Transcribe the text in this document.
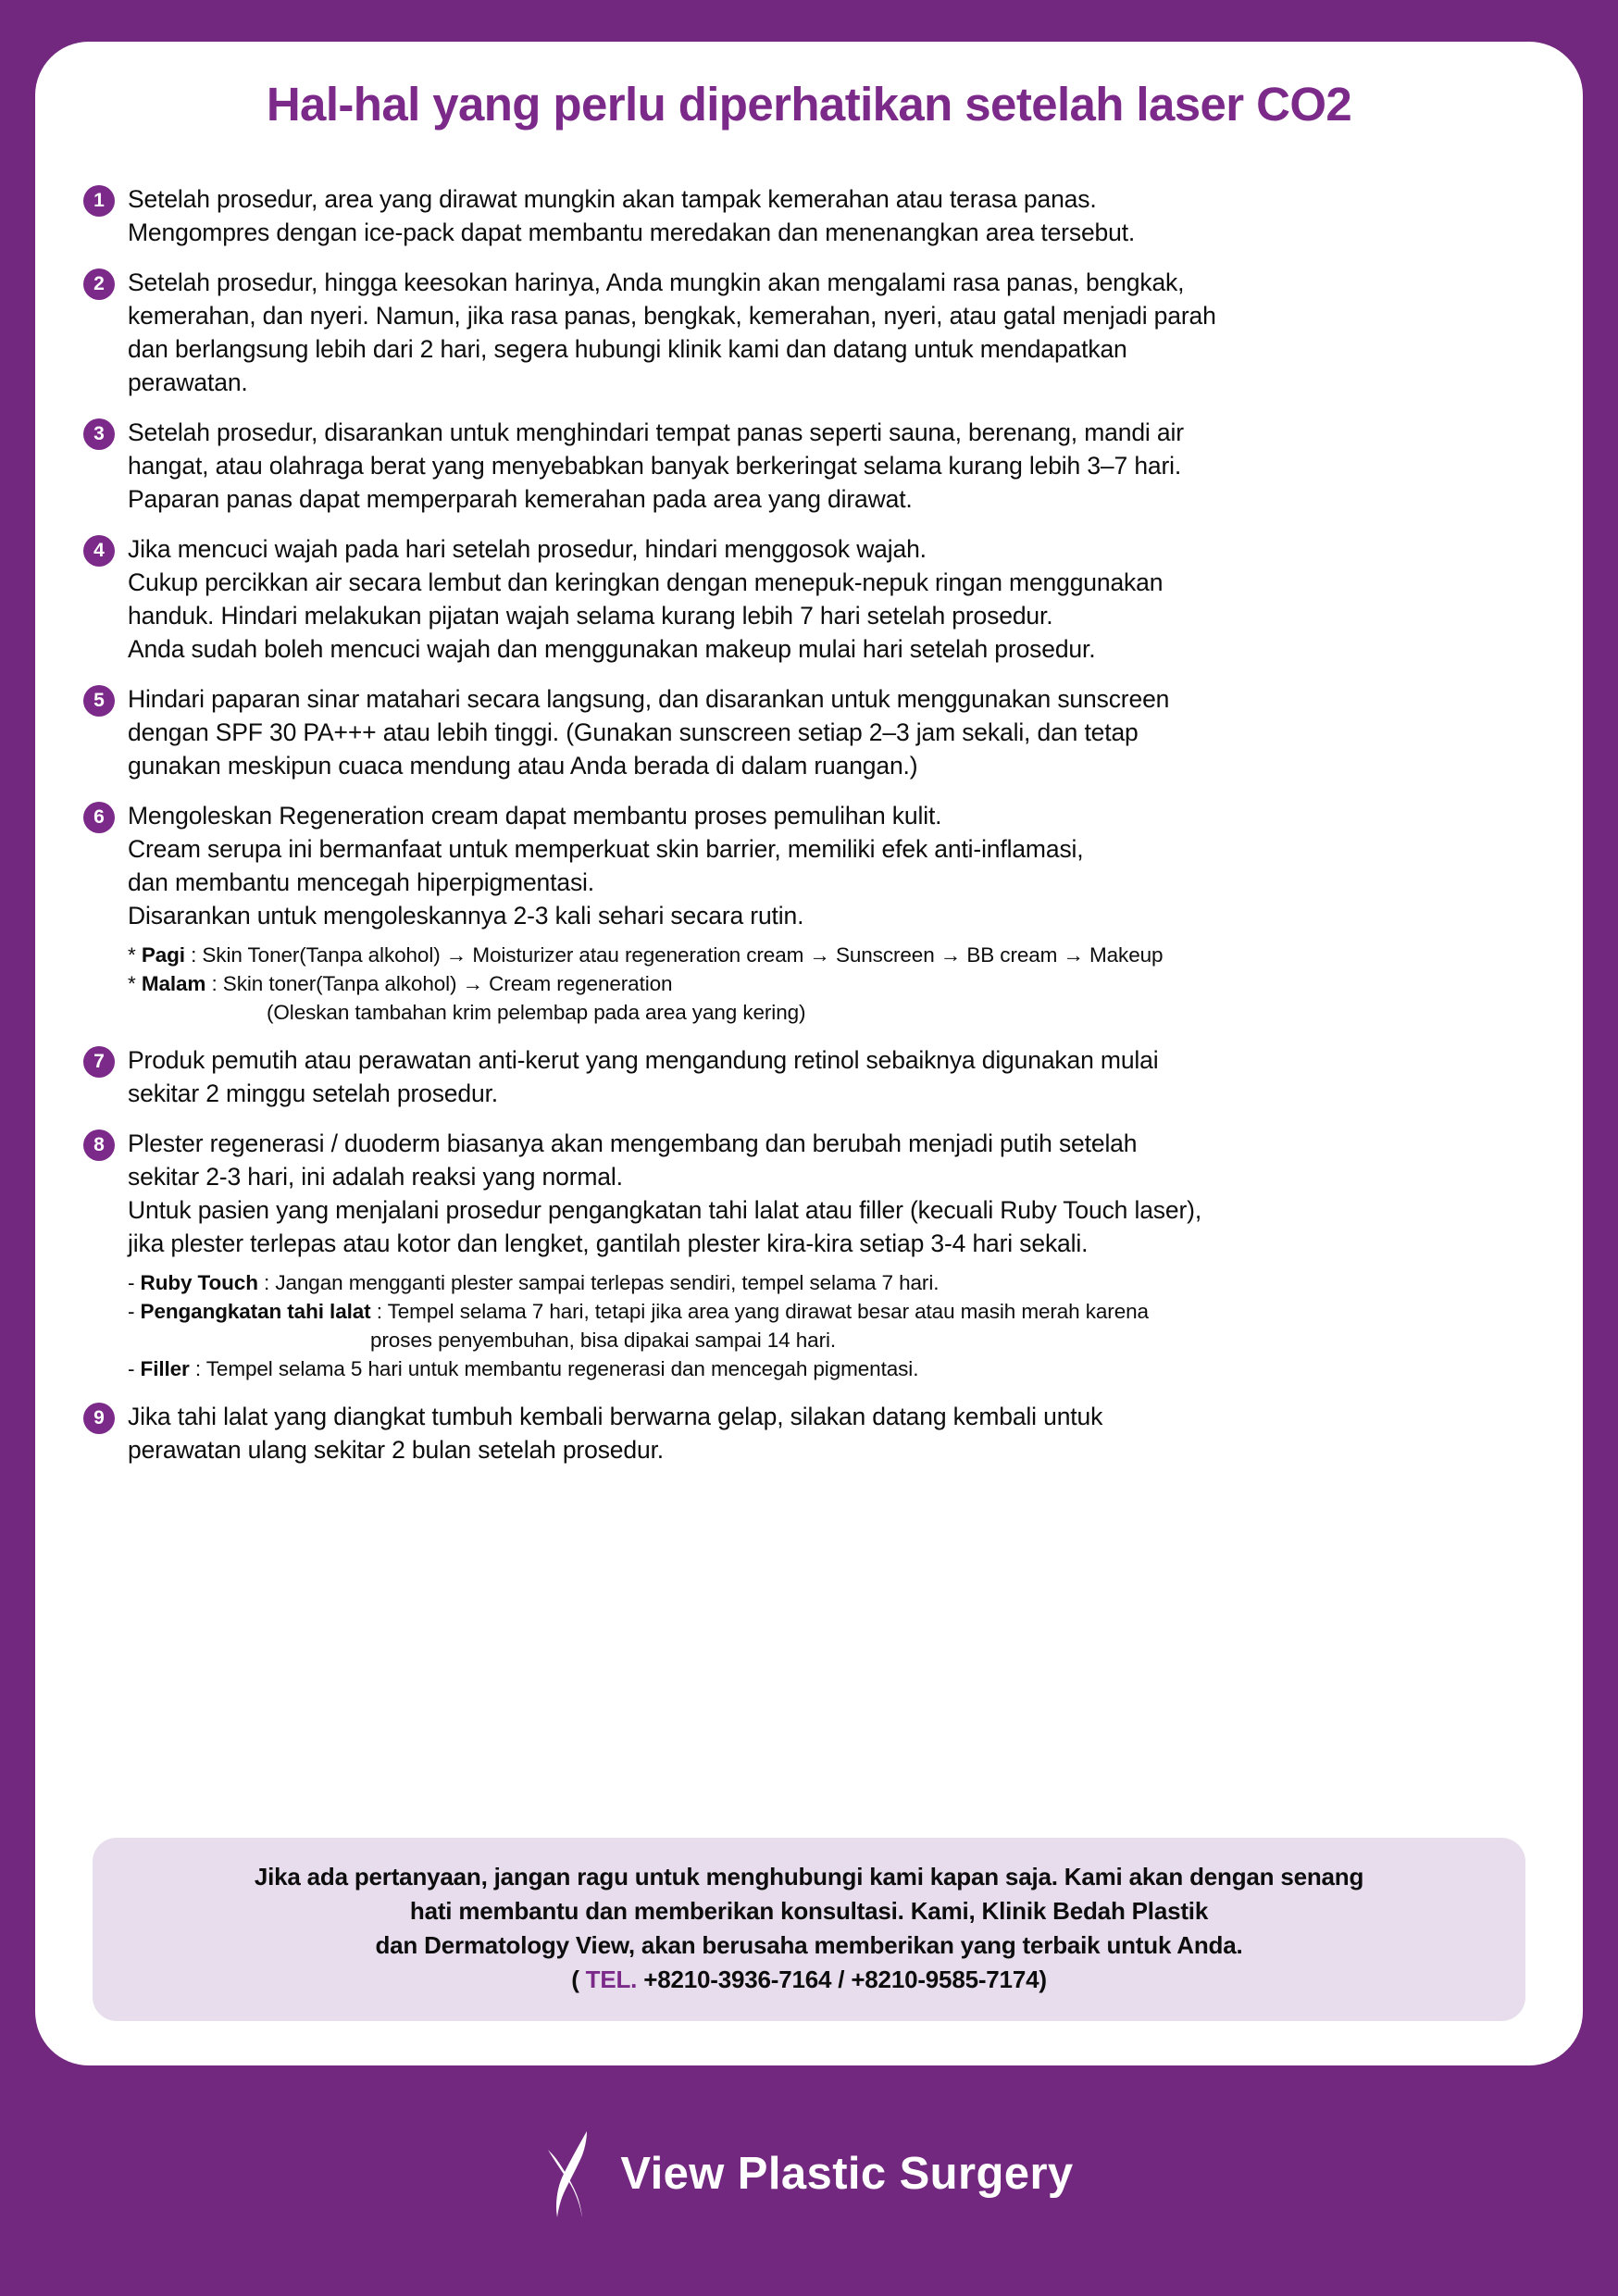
Hal-hal yang perlu diperhatikan setelah laser CO2
1 Setelah prosedur, area yang dirawat mungkin akan tampak kemerahan atau terasa panas.
Mengompres dengan ice-pack dapat membantu meredakan dan menenangkan area tersebut.
2 Setelah prosedur, hingga keesokan harinya, Anda mungkin akan mengalami rasa panas, bengkak,
kemerahan, dan nyeri. Namun, jika rasa panas, bengkak, kemerahan, nyeri, atau gatal menjadi parah
dan berlangsung lebih dari 2 hari, segera hubungi klinik kami dan datang untuk mendapatkan
perawatan.
3 Setelah prosedur, disarankan untuk menghindari tempat panas seperti sauna, berenang, mandi air
hangat, atau olahraga berat yang menyebabkan banyak berkeringat selama kurang lebih 3–7 hari.
Paparan panas dapat memperparah kemerahan pada area yang dirawat.
4 Jika mencuci wajah pada hari setelah prosedur, hindari menggosok wajah.
Cukup percikkan air secara lembut dan keringkan dengan menepuk-nepuk ringan menggunakan
handuk. Hindari melakukan pijatan wajah selama kurang lebih 7 hari setelah prosedur.
Anda sudah boleh mencuci wajah dan menggunakan makeup mulai hari setelah prosedur.
5 Hindari paparan sinar matahari secara langsung, dan disarankan untuk menggunakan sunscreen
dengan SPF 30 PA+++ atau lebih tinggi. (Gunakan sunscreen setiap 2–3 jam sekali, dan tetap
gunakan meskipun cuaca mendung atau Anda berada di dalam ruangan.)
6 Mengoleskan Regeneration cream dapat membantu proses pemulihan kulit.
Cream serupa ini bermanfaat untuk memperkuat skin barrier, memiliki efek anti-inflamasi,
dan membantu mencegah hiperpigmentasi.
Disarankan untuk mengoleskannya 2-3 kali sehari secara rutin.
* Pagi : Skin Toner(Tanpa alkohol) → Moisturizer atau regeneration cream → Sunscreen → BB cream → Makeup
* Malam : Skin toner(Tanpa alkohol) → Cream regeneration
(Oleskan tambahan krim pelembap pada area yang kering)
7 Produk pemutih atau perawatan anti-kerut yang mengandung retinol sebaiknya digunakan mulai
sekitar 2 minggu setelah prosedur.
8 Plester regenerasi / duoderm biasanya akan mengembang dan berubah menjadi putih setelah
sekitar 2-3 hari, ini adalah reaksi yang normal.
Untuk pasien yang menjalani prosedur pengangkatan tahi lalat atau filler (kecuali Ruby Touch laser),
jika plester terlepas atau kotor dan lengket, gantilah plester kira-kira setiap 3-4 hari sekali.
- Ruby Touch : Jangan mengganti plester sampai terlepas sendiri, tempel selama 7 hari.
- Pengangkatan tahi lalat : Tempel selama 7 hari, tetapi jika area yang dirawat besar atau masih merah karena
proses penyembuhan, bisa dipakai sampai 14 hari.
- Filler : Tempel selama 5 hari untuk membantu regenerasi dan mencegah pigmentasi.
9 Jika tahi lalat yang diangkat tumbuh kembali berwarna gelap, silakan datang kembali untuk
perawatan ulang sekitar 2 bulan setelah prosedur.
Jika ada pertanyaan, jangan ragu untuk menghubungi kami kapan saja. Kami akan dengan senang
hati membantu dan memberikan konsultasi. Kami, Klinik Bedah Plastik
dan Dermatology View, akan berusaha memberikan yang terbaik untuk Anda.
( TEL. +8210-3936-7164 / +8210-9585-7174)
View Plastic Surgery
